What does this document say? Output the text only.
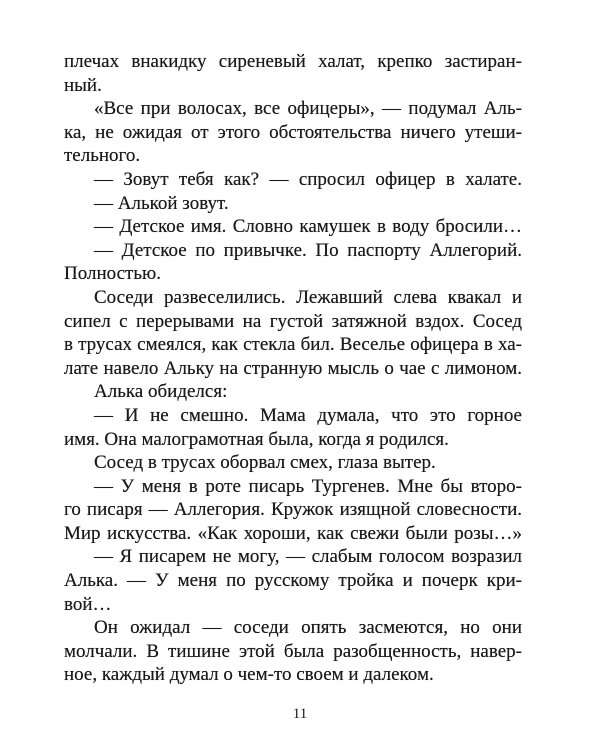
плечах внакидку сиреневый халат, крепко застиран-
ный.
«Все при волосах, все офицеры», — подумал Аль-
ка, не ожидая от этого обстоятельства ничего утеши-
тельного.
— Зовут тебя как? — спросил офицер в халате.
— Алькой зовут.
— Детское имя. Словно камушек в воду бросили…
— Детское по привычке. По паспорту Аллегорий.
Полностью.
Соседи развеселились. Лежавший слева квакал и
сипел с перерывами на густой затяжной вздох. Сосед
в трусах смеялся, как стекла бил. Веселье офицера в ха-
лате навело Альку на странную мысль о чае с лимоном.
Алька обиделся:
— И не смешно. Мама думала, что это горное
имя. Она малограмотная была, когда я родился.
Сосед в трусах оборвал смех, глаза вытер.
— У меня в роте писарь Тургенев. Мне бы второ-
го писаря — Аллегория. Кружок изящной словесности.
Мир искусства. «Как хороши, как свежи были розы…»
— Я писарем не могу, — слабым голосом возразил
Алька. — У меня по русскому тройка и почерк кри-
вой…
Он ожидал — соседи опять засмеются, но они
молчали. В тишине этой была разобщенность, навер-
ное, каждый думал о чем-то своем и далеком.
11
